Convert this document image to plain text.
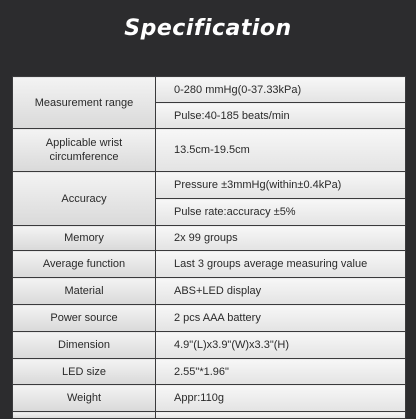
Specification
Measurement range	0-280 mmHg(0-37.33kPa)
	Pulse:40-185 beats/min
Applicable wrist circumference	13.5cm-19.5cm
Accuracy	Pressure ±3mmHg(within±0.4kPa)
	Pulse rate:accuracy ±5%
Memory	2x 99 groups
Average function	Last 3 groups average measuring value
Material	ABS+LED display
Power source	2 pcs AAA battery
Dimension	4.9"(L)x3.9"(W)x3.3"(H)
LED size	2.55"*1.96"
Weight	Appr:110g
